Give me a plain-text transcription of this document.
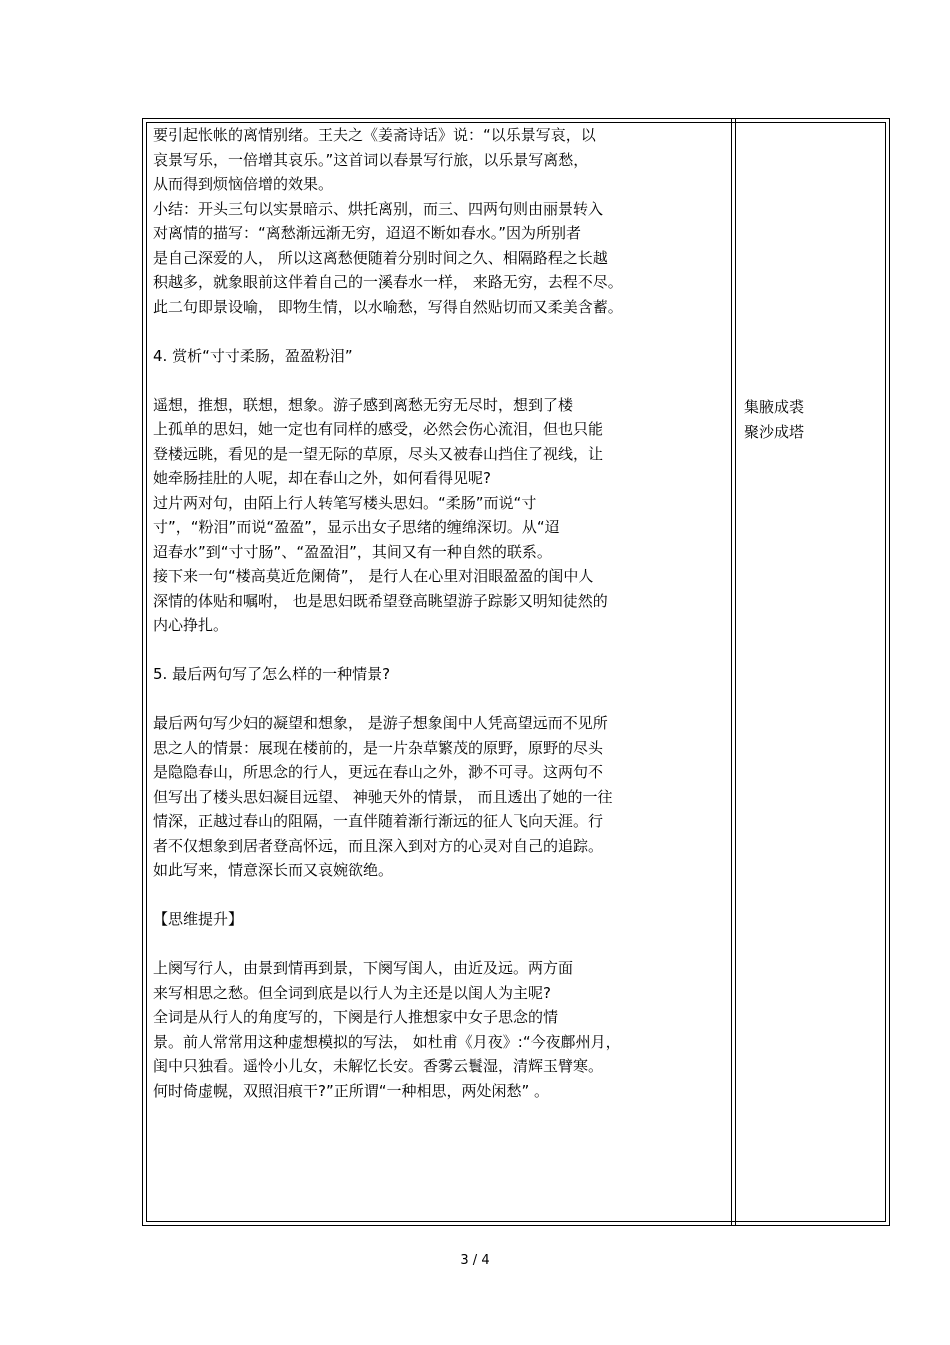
要引起怅帐的离情别绪。王夫之《姜斋诗话》说：“以乐景写哀，以

哀景写乐，一倍增其哀乐。”这首词以春景写行旅，以乐景写离愁，

从而得到烦恼倍增的效果。

小结：开头三句以实景暗示、烘托离别，而三、四两句则由丽景转入

对离情的描写：“离愁渐远渐无穷，迢迢不断如春水。”因为所别者

是自己深爱的人， 所以这离愁便随着分别时间之久、相隔路程之长越

积越多，就象眼前这伴着自己的一溪春水一样， 来路无穷，去程不尽。

此二句即景设喻， 即物生情，以水喻愁，写得自然贴切而又柔美含蓄。

4. 赏析“寸寸柔肠，盈盈粉泪”

遥想，推想，联想，想象。游子感到离愁无穷无尽时，想到了楼

上孤单的思妇，她一定也有同样的感受，必然会伤心流泪，但也只能

登楼远眺，看见的是一望无际的草原，尽头又被春山挡住了视线，让

她牵肠挂肚的人呢，却在春山之外，如何看得见呢?

过片两对句，由陌上行人转笔写楼头思妇。“柔肠”而说“寸

寸”，“粉泪”而说“盈盈”，显示出女子思绪的缠绵深切。从“迢

迢春水”到“寸寸肠”、“盈盈泪”，其间又有一种自然的联系。

接下来一句“楼高莫近危阑倚”， 是行人在心里对泪眼盈盈的闺中人

深情的体贴和嘱咐， 也是思妇既希望登高眺望游子踪影又明知徒然的

内心挣扎。

5. 最后两句写了怎么样的一种情景?

最后两句写少妇的凝望和想象， 是游子想象闺中人凭高望远而不见所

思之人的情景：展现在楼前的，是一片杂草繁茂的原野，原野的尽头

是隐隐春山，所思念的行人，更远在春山之外，渺不可寻。这两句不

但写出了楼头思妇凝目远望、 神驰天外的情景， 而且透出了她的一往

情深，正越过春山的阻隔，一直伴随着渐行渐远的征人飞向天涯。行

者不仅想象到居者登高怀远，而且深入到对方的心灵对自己的追踪。

如此写来，情意深长而又哀婉欲绝。

【思维提升】

上阕写行人，由景到情再到景，下阕写闺人，由近及远。两方面

来写相思之愁。但全词到底是以行人为主还是以闺人为主呢?

全词是从行人的角度写的，下阕是行人推想家中女子思念的情

景。前人常常用这种虚想模拟的写法， 如杜甫《月夜》:“今夜鄜州月，

闺中只独看。遥怜小儿女，未解忆长安。香雾云鬟湿，清辉玉臂寒。

何时倚虚幌，双照泪痕干?”正所谓“一种相思，两处闲愁” 。

集腋成裘

聚沙成塔

3 / 4
